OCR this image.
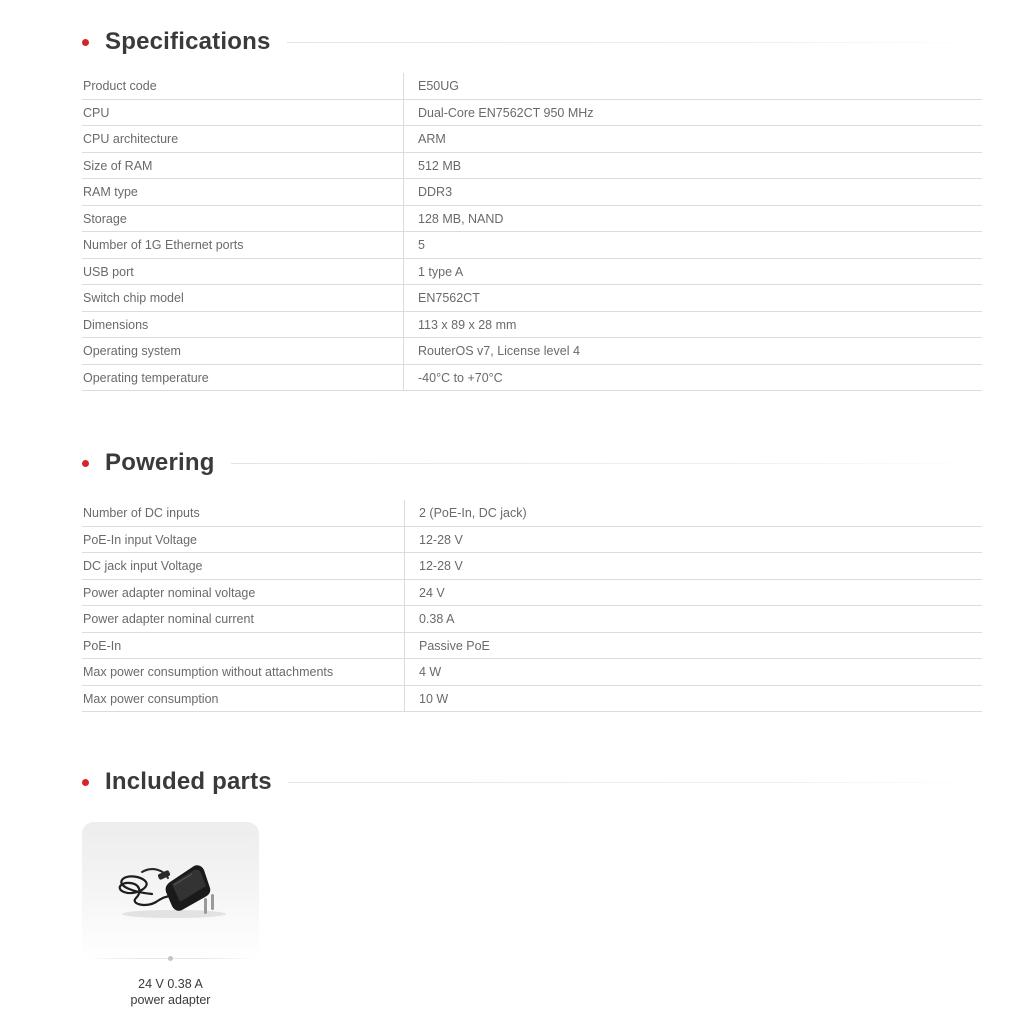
Specifications
Product code	E50UG
CPU	Dual-Core EN7562CT 950 MHz
CPU architecture	ARM
Size of RAM	512 MB
RAM type	DDR3
Storage	128 MB, NAND
Number of 1G Ethernet ports	5
USB port	1 type A
Switch chip model	EN7562CT
Dimensions	113 x 89 x 28 mm
Operating system	RouterOS v7, License level 4
Operating temperature	-40°C to +70°C
Powering
Number of DC inputs	2 (PoE-In, DC jack)
PoE-In input Voltage	12-28 V
DC jack input Voltage	12-28 V
Power adapter nominal voltage	24 V
Power adapter nominal current	0.38 A
PoE-In	Passive PoE
Max power consumption without attachments	4 W
Max power consumption	10 W
Included parts
24 V 0.38 A
power adapter
